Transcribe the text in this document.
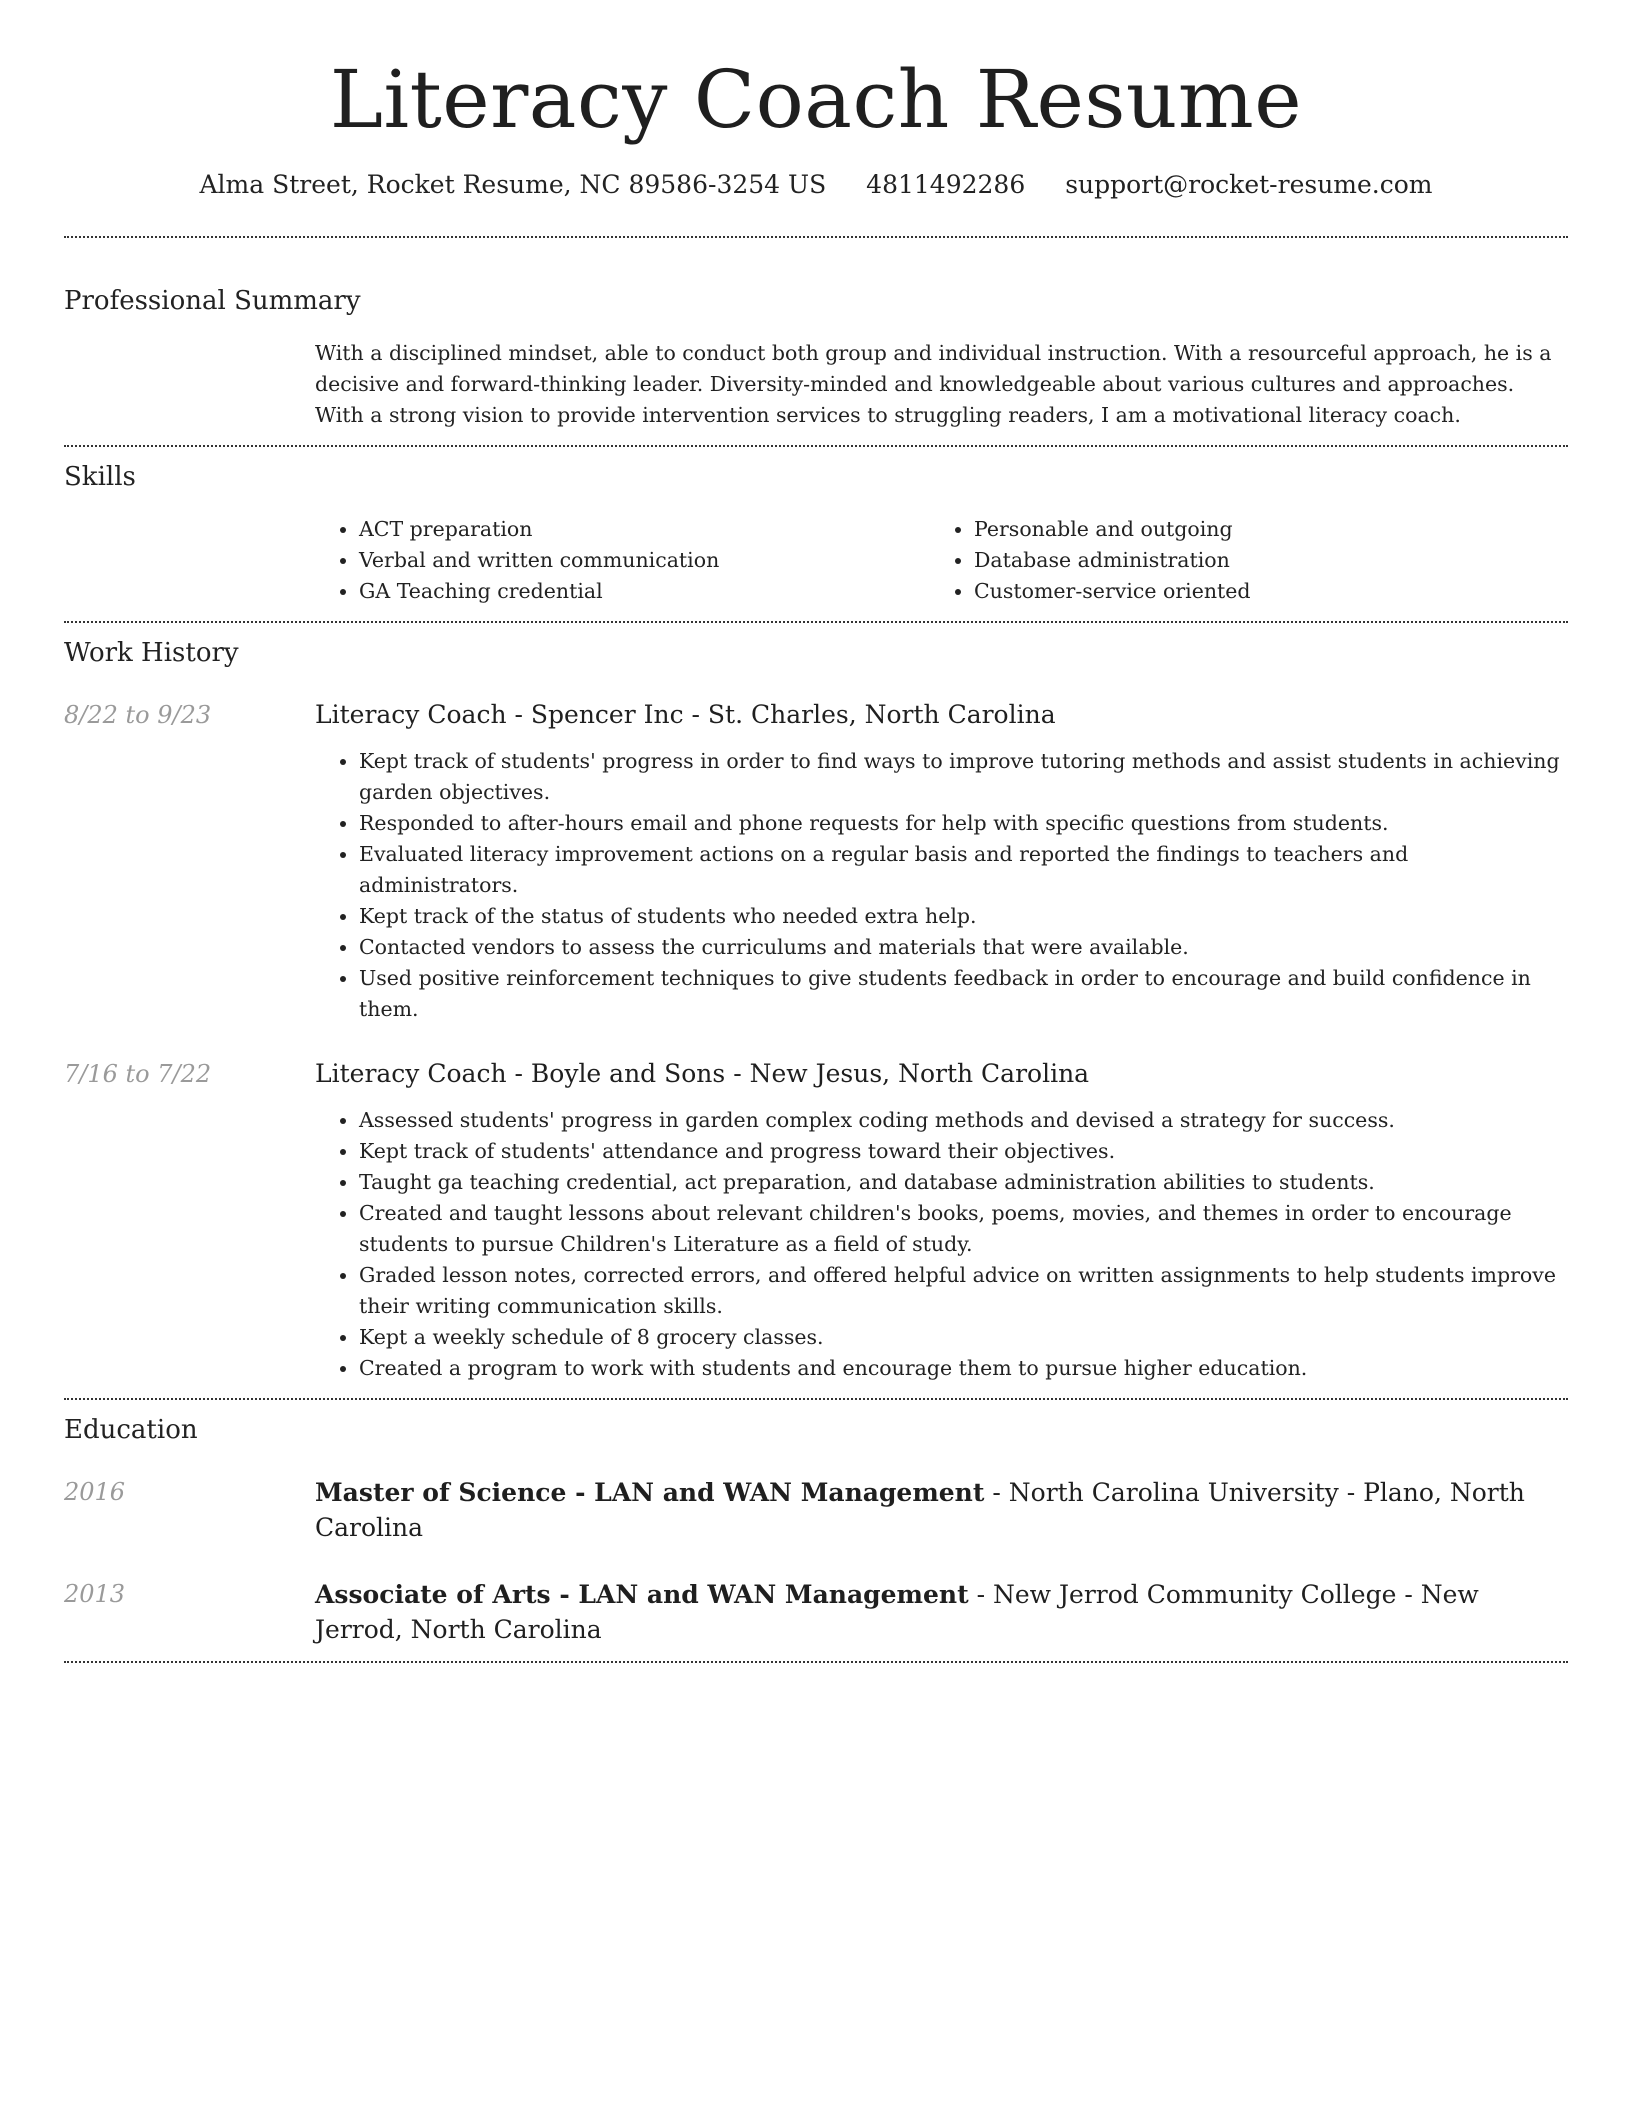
Literacy Coach Resume
Alma Street, Rocket Resume, NC 89586-3254 US 4811492286 support@rocket-resume.com
Professional Summary

With a disciplined mindset, able to conduct both group and individual instruction. With a resourceful approach, he is a decisive and forward-thinking leader. Diversity-minded and knowledgeable about various cultures and approaches. With a strong vision to provide intervention services to struggling readers, I am a motivational literacy coach.

Skills
• ACT preparation
• Verbal and written communication
• GA Teaching credential
• Personable and outgoing
• Database administration
• Customer-service oriented
Work History
8/22 to 9/23	Literacy Coach - Spencer Inc - St. Charles, North Carolina
• Kept track of students' progress in order to find ways to improve tutoring methods and assist students in achieving garden objectives.
• Responded to after-hours email and phone requests for help with specific questions from students.
• Evaluated literacy improvement actions on a regular basis and reported the findings to teachers and administrators.
• Kept track of the status of students who needed extra help.
• Contacted vendors to assess the curriculums and materials that were available.
• Used positive reinforcement techniques to give students feedback in order to encourage and build confidence in them.
7/16 to 7/22	Literacy Coach - Boyle and Sons - New Jesus, North Carolina
• Assessed students' progress in garden complex coding methods and devised a strategy for success.
• Kept track of students' attendance and progress toward their objectives.
• Taught ga teaching credential, act preparation, and database administration abilities to students.
• Created and taught lessons about relevant children's books, poems, movies, and themes in order to encourage students to pursue Children's Literature as a field of study.
• Graded lesson notes, corrected errors, and offered helpful advice on written assignments to help students improve their writing communication skills.
• Kept a weekly schedule of 8 grocery classes.
• Created a program to work with students and encourage them to pursue higher education.
Education
2016	Master of Science - LAN and WAN Management - North Carolina University - Plano, North Carolina
2013	Associate of Arts - LAN and WAN Management - New Jerrod Community College - New Jerrod, North Carolina
